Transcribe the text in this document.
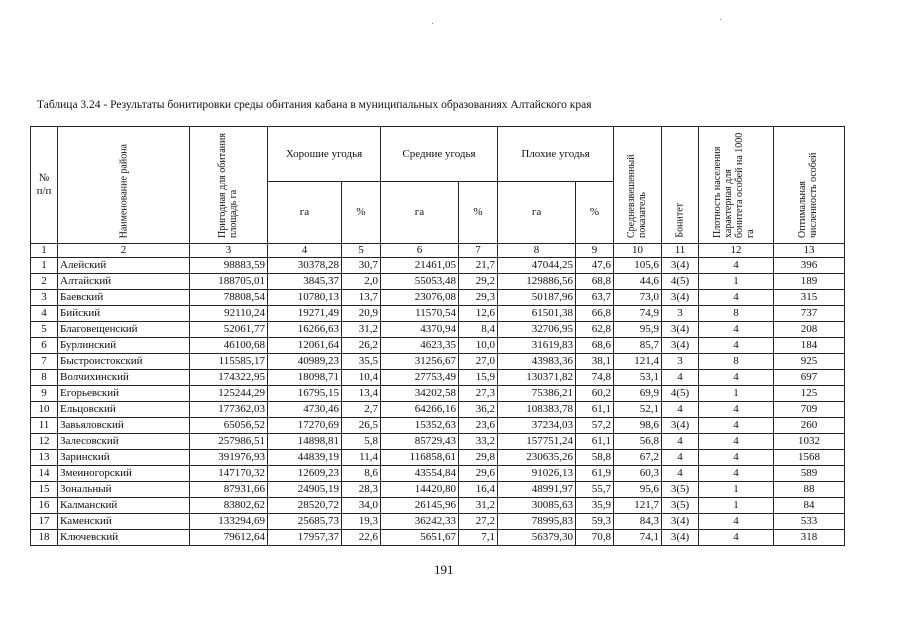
Таблица 3.24 - Результаты бонитировки среды обитания кабана в муниципальных образованиях Алтайского края
№ п/п	Наименование района	Пригодная для обитания площадь га	Хорошие угодья		Средние угодья		Плохие угодья		Средневзвешенный показатель	Бонитет	Плотность населения характерная для бонитета особей на 1000 га	Оптимальная численность особей

			га	%	га	%	га	%				
1	2	3	4	5	6	7	8	9	10	11	12	13
1	Алейский	98883,59	30378,28	30,7	21461,05	21,7	47044,25	47,6	105,6	3(4)	4	396
2	Алтайский	188705,01	3845,37	2,0	55053,48	29,2	129886,56	68,8	44,6	4(5)	1	189
3	Баевский	78808,54	10780,13	13,7	23076,08	29,3	50187,96	63,7	73,0	3(4)	4	315
4	Бийский	92110,24	19271,49	20,9	11570,54	12,6	61501,38	66,8	74,9	3	8	737
5	Благовещенский	52061,77	16266,63	31,2	4370,94	8,4	32706,95	62,8	95,9	3(4)	4	208
6	Бурлинский	46100,68	12061,64	26,2	4623,35	10,0	31619,83	68,6	85,7	3(4)	4	184
7	Быстроистокский	115585,17	40989,23	35,5	31256,67	27,0	43983,36	38,1	121,4	3	8	925
8	Волчихинский	174322,95	18098,71	10,4	27753,49	15,9	130371,82	74,8	53,1	4	4	697
9	Егорьевский	125244,29	16795,15	13,4	34202,58	27,3	75386,21	60,2	69,9	4(5)	1	125
10	Ельцовский	177362,03	4730,46	2,7	64266,16	36,2	108383,78	61,1	52,1	4	4	709
11	Завьяловский	65056,52	17270,69	26,5	15352,63	23,6	37234,03	57,2	98,6	3(4)	4	260
12	Залесовский	257986,51	14898,81	5,8	85729,43	33,2	157751,24	61,1	56,8	4	4	1032
13	Заринский	391976,93	44839,19	11,4	116858,61	29,8	230635,26	58,8	67,2	4	4	1568
14	Змеиногорский	147170,32	12609,23	8,6	43554,84	29,6	91026,13	61,9	60,3	4	4	589
15	Зональный	87931,66	24905,19	28,3	14420,80	16,4	48991,97	55,7	95,6	3(5)	1	88
16	Калманский	83802,62	28520,72	34,0	26145,96	31,2	30085,63	35,9	121,7	3(5)	1	84
17	Каменский	133294,69	25685,73	19,3	36242,33	27,2	78995,83	59,3	84,3	3(4)	4	533
18	Ключевский	79612,64	17957,37	22,6	5651,67	7,1	56379,30	70,8	74,1	3(4)	4	318
191
